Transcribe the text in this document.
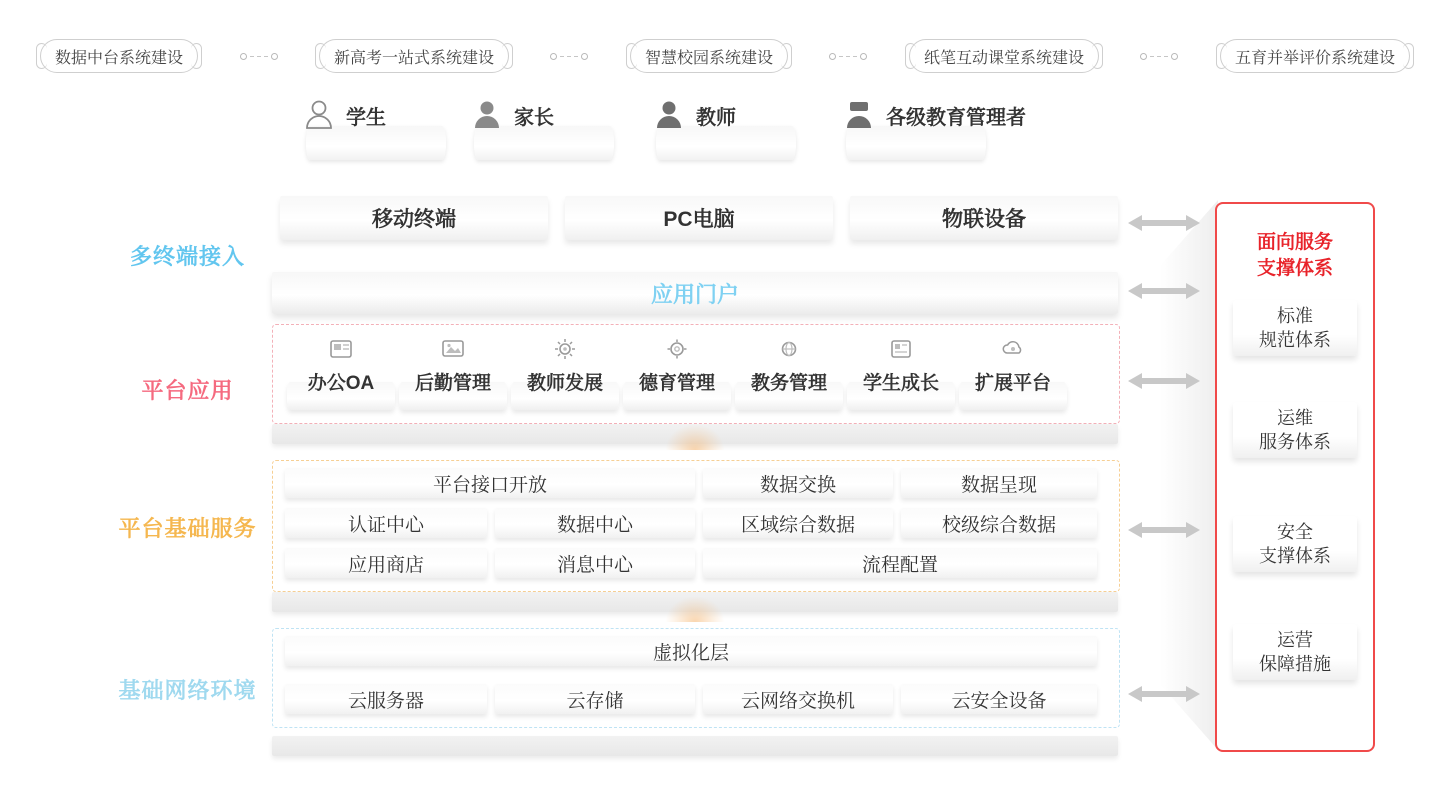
数据中台系统建设	新高考一站式系统建设	智慧校园系统建设	纸笔互动课堂系统建设	五育并举评价系统建设
学生	家长	教师	各级教育管理者
多终端接入
平台应用
平台基础服务
基础网络环境
移动终端	PC电脑	物联设备
应用门户
办公OA	后勤管理	教师发展	德育管理	教务管理	学生成长	扩展平台
平台接口开放	数据交换	数据呈现
认证中心	数据中心	区域综合数据	校级综合数据
应用商店	消息中心	流程配置
虚拟化层
云服务器	云存储	云网络交换机	云安全设备
面向服务
支撑体系
标准
规范体系
运维
服务体系
安全
支撑体系
运营
保障措施
